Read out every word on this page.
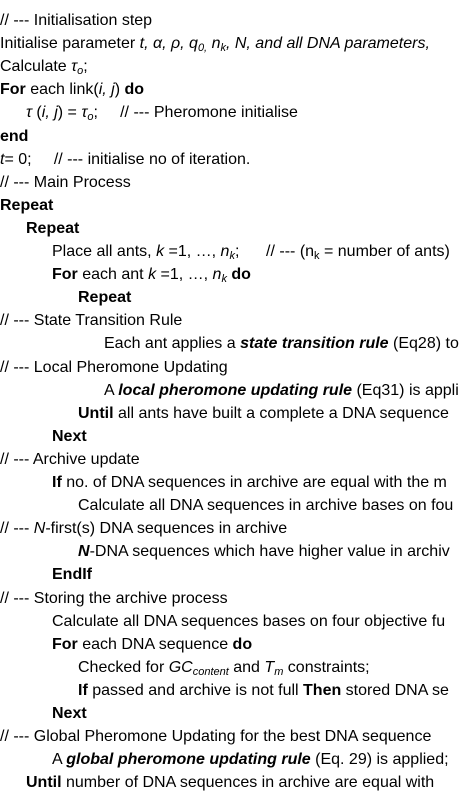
// --- Initialisation step
Initialise parameter t, α, ρ, $q_{0,}$ $n_k$, N, and all DNA parameters,
Calculate $\tau_o$;
For each link(i, j) do
τ (i, $j) = \tau_o$;     // --- Pheromone initialise
end
t= 0;     // --- initialise no of iteration.
// --- Main Process
Repeat
Repeat
Place all ants, k =1, …, $n_k$;      // --- (nk = number of ants)
For each ant k =1, …, $n_k$ do
Repeat
// --- State Transition Rule
Each ant applies a state transition rule (Eq28) to
// --- Local Pheromone Updating
A local pheromone updating rule (Eq31) is appli
Until all ants have built a complete a DNA sequence
Next
// --- Archive update
If no. of DNA sequences in archive are equal with the m
Calculate all DNA sequences in archive bases on fou
// --- N-first(s) DNA sequences in archive
N-DNA sequences which have higher value in archiv
EndIf
// --- Storing the archive process
Calculate all DNA sequences bases on four objective fu
For each DNA sequence do
Checked for $GC_{content}$ and $T_m$ constraints;
If passed and archive is not full Then stored DNA se
Next
// --- Global Pheromone Updating for the best DNA sequence
A global pheromone updating rule (Eq. 29) is applied;
Until number of DNA sequences in archive are equal with
